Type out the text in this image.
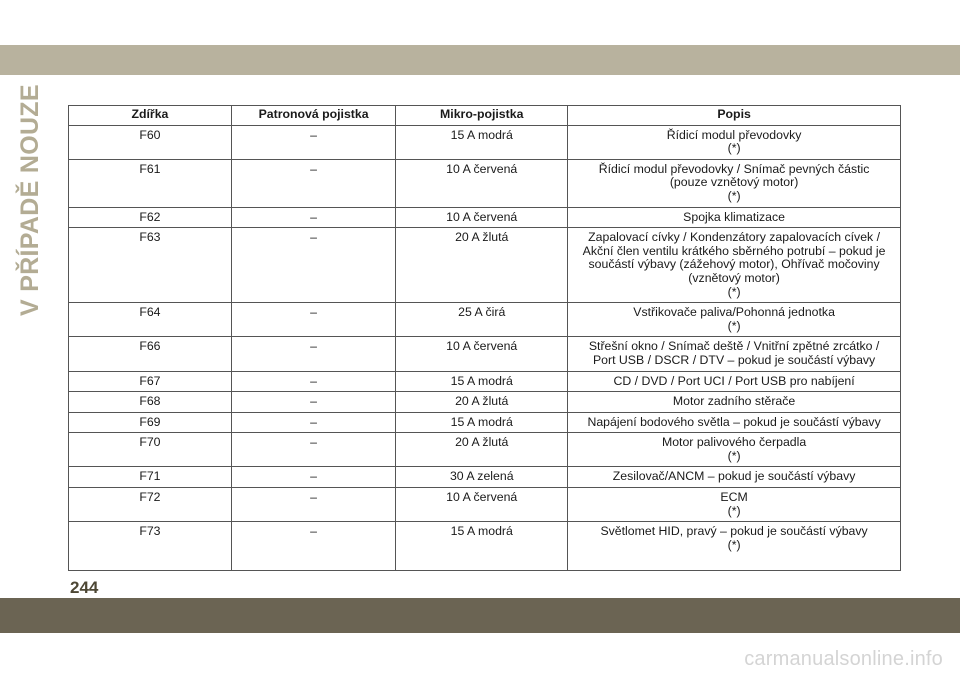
V PŘÍPADĚ NOUZE	Zdířka	Patronová pojistka	Mikro-pojistka	Popis
F60	–	15 A modrá	Řídicí modul převodovky
(*)
F61	–	10 A červená	Řídicí modul převodovky / Snímač pevných částic
(pouze vznětový motor)
(*)
F62	–	10 A červená	Spojka klimatizace
F63	–	20 A žlutá	Zapalovací cívky / Kondenzátory zapalovacích cívek /
Akční člen ventilu krátkého sběrného potrubí – pokud je
součástí výbavy (zážehový motor), Ohřívač močoviny
(vznětový motor)
(*)
F64	–	25 A čirá	Vstřikovače paliva/Pohonná jednotka
(*)
F66	–	10 A červená	Střešní okno / Snímač deště / Vnitřní zpětné zrcátko /
Port USB / DSCR / DTV – pokud je součástí výbavy
F67	–	15 A modrá	CD / DVD / Port UCI / Port USB pro nabíjení
F68	–	20 A žlutá	Motor zadního stěrače
F69	–	15 A modrá	Napájení bodového světla – pokud je součástí výbavy
F70	–	20 A žlutá	Motor palivového čerpadla
(*)
F71	–	30 A zelená	Zesilovač/ANCM – pokud je součástí výbavy
F72	–	10 A červená	ECM
(*)
F73	–	15 A modrá	Světlomet HID, pravý – pokud je součástí výbavy
(*)
244
carmanualsonline.info
